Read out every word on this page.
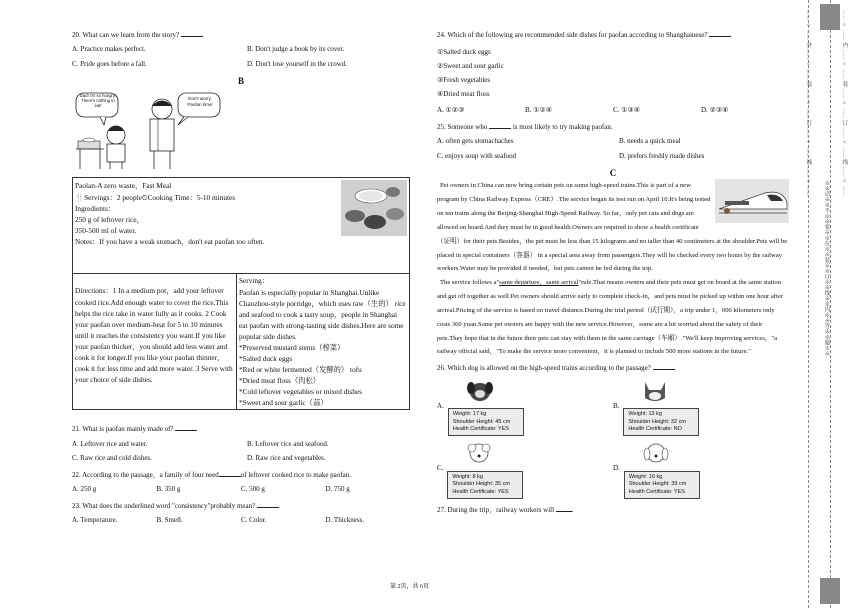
20. What can we learn from the story?
A. Practice makes perfect.	B. Don't judge a book by its cover.
C. Pride goes before a fall.	D. Don't lose yourself in the crowd.
B
Dad! I'm so hungry! There's nothing to eat!
Don't worry, Paofan time!
Paolan-A zero waste，Fast Meal
🍴Servings：2 people⏲Cooking Time：5-10 minutes
Ingredients：
250 g of leftover rice，
350-500 ml of water.
Notes：If you have a weak stomach，don't eat paofan too often.
Directions：1 In a medium pot，add your leftover cooked rice.Add enough water to cover the rice.This helps the rice take in water fully as it cooks. 2 Cook your paofan over medium-heat for 5 to 10 minutes until it reaches the consistency you want.If you like your paofan thicker，you should add less water and cook it for longer.If you like your paofan thinner，cook it for less time and add more water. 3 Serve with your choice of side dishes.
Serving：
Paofan is especially popular in Shanghai.Unlike Chaozhou-style porridge，which uses raw（生的） rice and seafood to cook a tasty soup，people in Shanghai eat paofan with strong-tasting side dishes.Here are some popular side dishes.
*Preserved mustard stems（榨菜）
*Salted duck eggs
*Red or white fermented（发酵的） tofu
*Dried meat floss（肉松）
*Cold leftover vegetables or mixed dishes
*Sweet and sour garlic（蒜）
21. What is paofan mainly made of?
A. Leftover rice and water.	B. Leftover rice and seafood.
C. Raw rice and cold dishes.	D. Raw rice and vegetables.
22. According to the passage，a family of four need	of leftover cooked rice to make paofan.
A. 250 g	B. 350 g	C. 500 g	D. 750 g
23. What does the underlined word "consistency"probably mean?
A. Temperature.	B. Smell.	C. Color.	D. Thickness.
24. Which of the following are recommended side dishes for paofan according to Shanghainese?
①Salted duck eggs
②Sweet and sour garlic
③Fresh vegetables
④Dried meat floss
A. ①②③	B. ①②④	C. ①③④	D. ②③④
25. Someone who	is most likely to try making paofan.
A. often gets stomachaches	B. needs a quick meal
C. enjoys soup with seafood	D. prefers freshly made dishes
C
Pet owners in China can now bring certain pets on some high-speed trains.This is part of a new program by China Railway Express（CRE）.The service began its test run on April 10.It's being tested on ten trains along the Beijing-Shanghai High-Speed Railway. So far，only pet cats and dogs are allowed on board.And they must be in good health.Owners are required to show a health certificate（证明）for their pets.Besides，the pet must be less than 15 kilograms and no taller than 40 centimeters at the shoulder.Pets will be placed in special containers（容器） in a special area away from passengers.They will be checked every two hours by the railway workers.Water may be provided if needed，but pets cannot be fed during the trip.
The service follows a"same departure，same arrival"rule.That means owners and their pets must get on board at the same station and get off together as well.Pet owners should arrive early to complete check-in，and pets must be picked up within one hour after arrival.Pricing of the service is based on travel distance.During the trial period（试行期），a trip under 1，000 kilometers only costs 360 yuan.Some pet owners are happy with the new service.However，some are a bit worried about the safety of their pets.They hope that in the future their pets can stay with them in the same carriage（车厢）."We'll keep improving services，"a railway official said，"To make the service more convenient，it is planned to include 500 more stations in the future."
26. Which dog is allowed on the high-speed trains according to the passage?
A.
Weight: 17 kg
Shoulder Height: 45 cm
Health Certificate: YES
B.
Weight: 13 kg
Shoulder Height: 32 cm
Health Certificate: NO
C.
Weight: 8 kg
Shoulder Height: 35 cm
Health Certificate: YES
D.
Weight: 16 kg
Shoulder Height: 39 cm
Health Certificate: YES
27. During the trip，railway workers will	.
第 2页，共 6页
…… ○ …… 外 …… ○ …… 装 …… ○ …… 订 …… ○ …… 线 …… ○ ……
※※请※※不※※要※※在※※装※※订※※线※※内※※答※※题※※
…… ○ …… 内 …… ○ …… 装 …… ○ …… 订 …… ○ …… 线 …… ○ ……
